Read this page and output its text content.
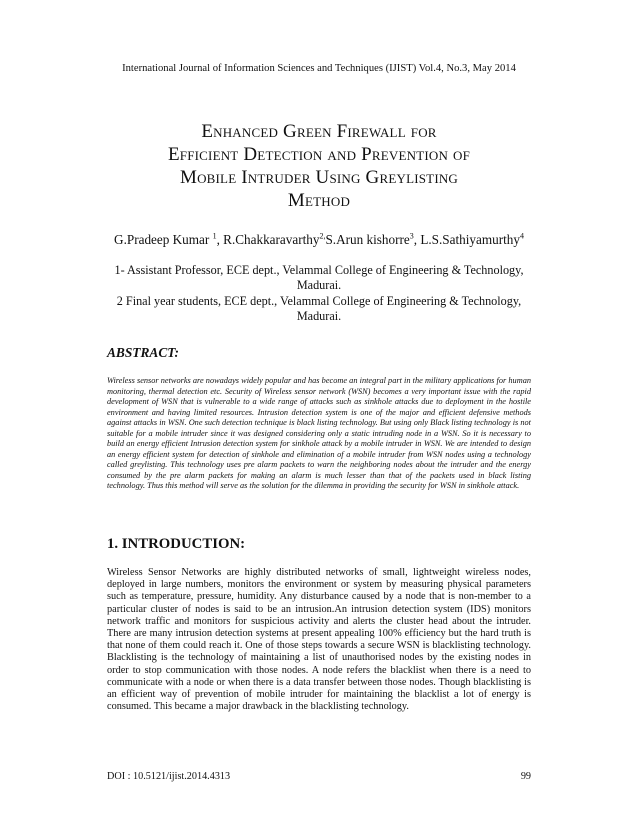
International Journal of Information Sciences and Techniques (IJIST) Vol.4, No.3, May 2014
Enhanced Green Firewall for
Efficient Detection and Prevention of
Mobile Intruder Using Greylisting
Method
G.Pradeep Kumar $^1$, R.Chakkaravarthy$^{2,}$S.Arun kishorre$^3$, L.S.Sathiyamurthy$^4$
1- Assistant Professor, ECE dept., Velammal College of Engineering & Technology, Madurai.
2 Final year students, ECE dept., Velammal College of Engineering & Technology, Madurai.
ABSTRACT:

Wireless sensor networks are nowadays widely popular and has become an integral part in the military applications for human monitoring, thermal detection etc. Security of Wireless sensor network (WSN) becomes a very important issue with the rapid development of WSN that is vulnerable to a wide range of attacks such as sinkhole attacks due to deployment in the hostile environment and having limited resources. Intrusion detection system is one of the major and efficient defensive methods against attacks in WSN. One such detection technique is black listing technology. But using only Black listing technology is not suitable for a mobile intruder since it was designed considering only a static intruding node in a WSN. So it is necessary to build an energy efficient Intrusion detection system for sinkhole attack by a mobile intruder in WSN. We are intended to design an energy efficient system for detection of sinkhole and elimination of a mobile intruder from WSN nodes using a technology called greylisting. This technology uses pre alarm packets to warn the neighboring nodes about the intruder and the energy consumed by the pre alarm packets for making an alarm is much lesser than that of the packets used in black listing technology. Thus this method will serve as the solution for the dilemma in providing the security for WSN in sinkhole attack.

1. INTRODUCTION:

Wireless Sensor Networks are highly distributed networks of small, lightweight wireless nodes, deployed in large numbers, monitors the environment or system by measuring physical parameters such as temperature, pressure, humidity. Any disturbance caused by a node that is non-member to a particular cluster of nodes is said to be an intrusion.An intrusion detection system (IDS) monitors network traffic and monitors for suspicious activity and alerts the cluster head about the intruder. There are many intrusion detection systems at present appealing 100% efficiency but the hard truth is that none of them could reach it. One of those steps towards a secure WSN is blacklisting technology. Blacklisting is the technology of maintaining a list of unauthorised nodes by the existing nodes in order to stop communication with those nodes. A node refers the blacklist when there is a need to communicate with a node or when there is a data transfer between those nodes. Though blacklisting is an efficient way of prevention of mobile intruder for maintaining the blacklist a lot of energy is consumed. This became a major drawback in the blacklisting technology.

DOI : 10.5121/ijist.2014.4313	99
